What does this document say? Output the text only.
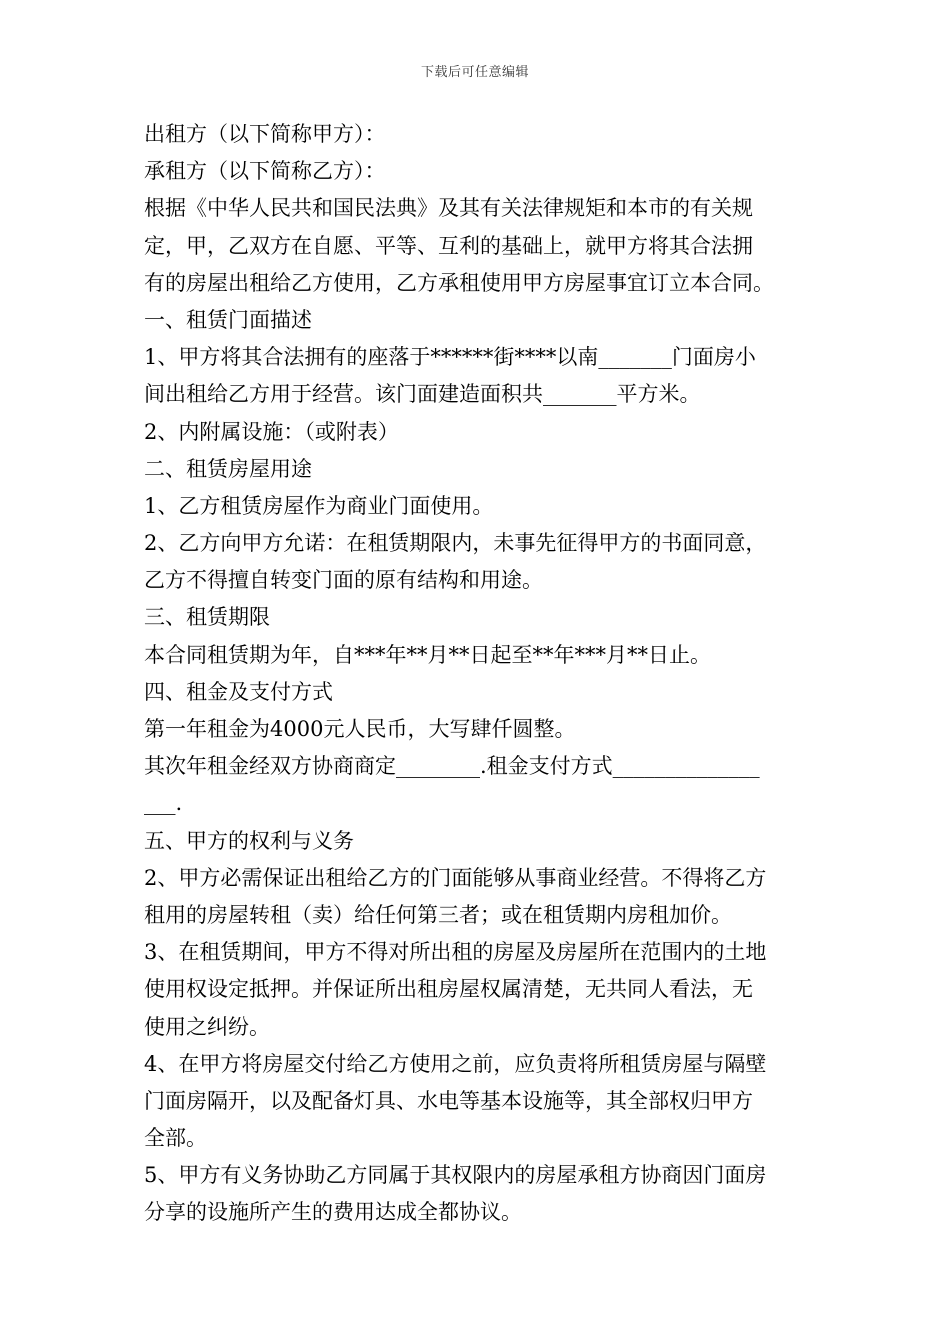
下载后可任意编辑
出租方（以下简称甲方）：
承租方（以下简称乙方）：
根据《中华人民共和国民法典》及其有关法律规矩和本市的有关规
定，甲，乙双方在自愿、平等、互利的基础上，就甲方将其合法拥
有的房屋出租给乙方使用，乙方承租使用甲方房屋事宜订立本合同。
一、租赁门面描述
1、甲方将其合法拥有的座落于******街****以南_______门面房小
间出租给乙方用于经营。该门面建造面积共_______平方米。
2、内附属设施：（或附表）
二、租赁房屋用途
1、乙方租赁房屋作为商业门面使用。
2、乙方向甲方允诺：在租赁期限内，未事先征得甲方的书面同意，
乙方不得擅自转变门面的原有结构和用途。
三、租赁期限
本合同租赁期为年，自***年**月**日起至**年***月**日止。
四、租金及支付方式
第一年租金为4000元人民币，大写肆仟圆整。
其次年租金经双方协商商定________.租金支付方式______________
___.
五、甲方的权利与义务
2、甲方必需保证出租给乙方的门面能够从事商业经营。不得将乙方
租用的房屋转租（卖）给任何第三者；或在租赁期内房租加价。
3、在租赁期间，甲方不得对所出租的房屋及房屋所在范围内的土地
使用权设定抵押。并保证所出租房屋权属清楚，无共同人看法，无
使用之纠纷。
4、在甲方将房屋交付给乙方使用之前，应负责将所租赁房屋与隔壁
门面房隔开，以及配备灯具、水电等基本设施等，其全部权归甲方
全部。
5、甲方有义务协助乙方同属于其权限内的房屋承租方协商因门面房
分享的设施所产生的费用达成全都协议。
